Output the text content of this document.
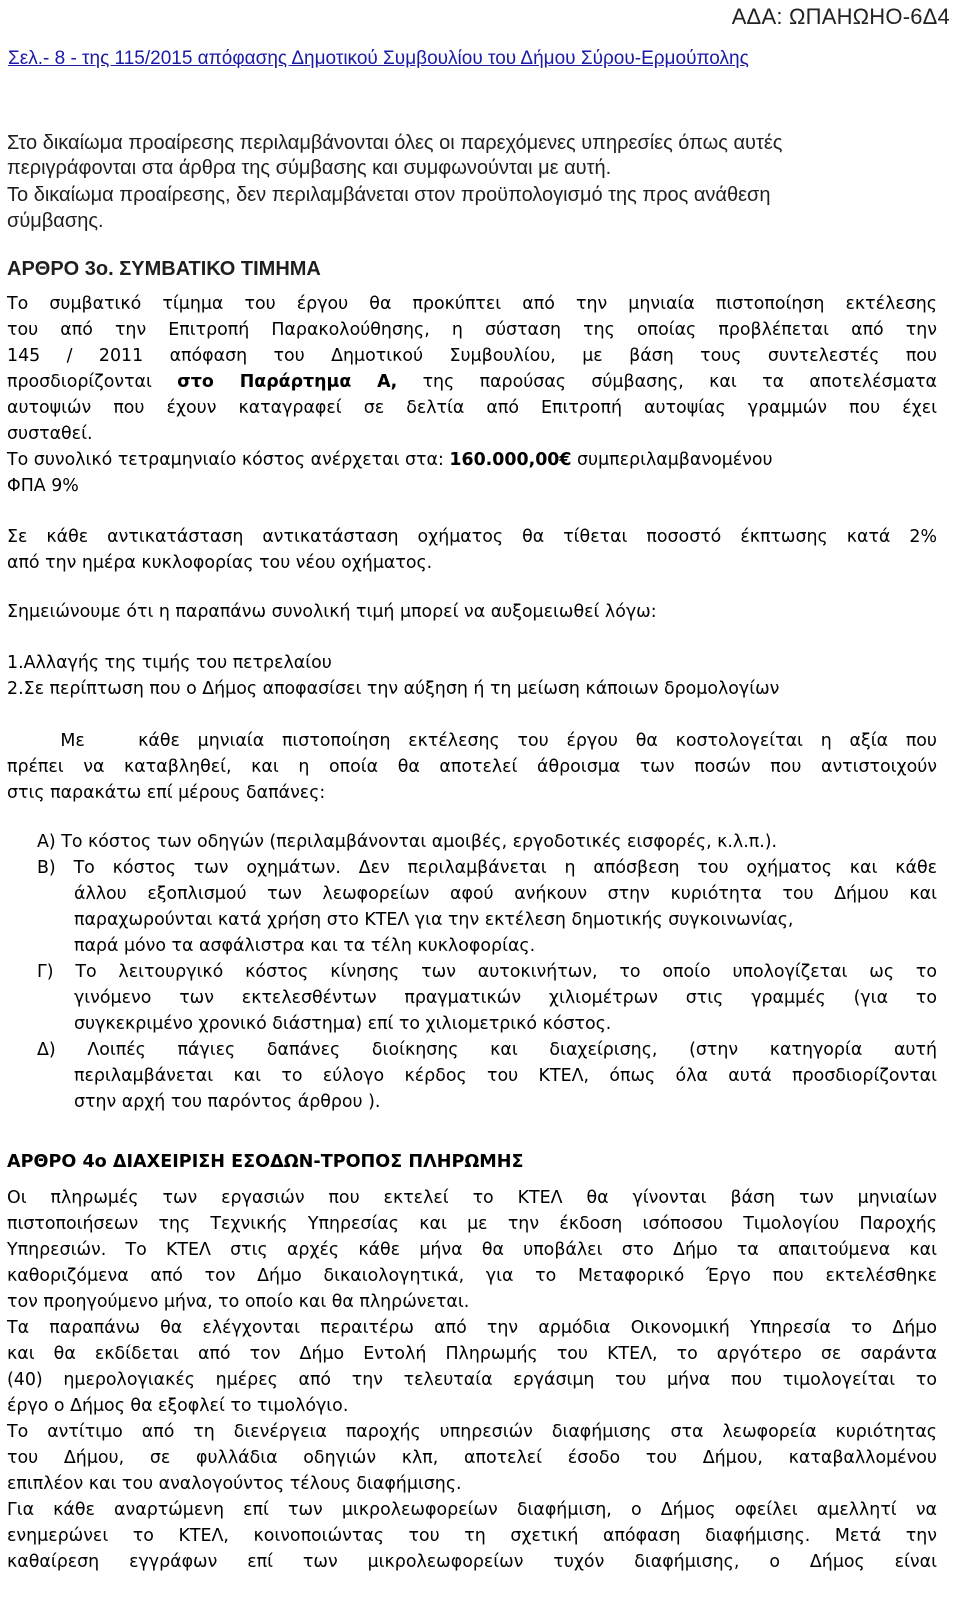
ΑΔΑ: ΩΠΑΗΩΗΟ-6Δ4
Σελ.- 8 - της 115/2015 απόφασης Δημοτικού Συμβουλίου του Δήμου Σύρου-Ερμούπολης
Στο δικαίωμα προαίρεσης περιλαμβάνονται όλες οι παρεχόμενες υπηρεσίες όπως αυτές
περιγράφονται στα άρθρα της σύμβασης και συμφωνούνται με αυτή.
Το δικαίωμα προαίρεσης, δεν περιλαμβάνεται στον προϋπολογισμό της προς ανάθεση
σύμβασης.
ΑΡΘΡΟ 3ο. ΣΥΜΒΑΤΙΚΟ ΤΙΜΗΜΑ
Το συμβατικό τίμημα του έργου θα προκύπτει από την μηνιαία πιστοποίηση εκτέλεσης
του από την Επιτροπή Παρακολούθησης, η σύσταση της οποίας προβλέπεται από την
145 / 2011 απόφαση του Δημοτικού Συμβουλίου, με βάση τους συντελεστές που
προσδιορίζονται στο Παράρτημα Α, της παρούσας σύμβασης, και τα αποτελέσματα
αυτοψιών που έχουν καταγραφεί σε δελτία από Επιτροπή αυτοψίας γραμμών που έχει
συσταθεί.
Το συνολικό τετραμηνιαίο κόστος ανέρχεται στα: 160.000,00€ συμπεριλαμβανομένου
ΦΠΑ 9%
Σε κάθε αντικατάσταση αντικατάσταση οχήματος θα τίθεται ποσοστό έκπτωσης κατά 2%
από την ημέρα κυκλοφορίας του νέου οχήματος.
Σημειώνουμε ότι η παραπάνω συνολική τιμή μπορεί να αυξομειωθεί λόγω:
1.Αλλαγής της τιμής του πετρελαίου
2.Σε περίπτωση που ο Δήμος αποφασίσει την αύξηση ή τη μείωση κάποιων δρομολογίων
Με   κάθε μηνιαία πιστοποίηση εκτέλεσης του έργου θα κοστολογείται η αξία που
πρέπει να καταβληθεί, και η οποία θα αποτελεί άθροισμα των ποσών που αντιστοιχούν
στις παρακάτω επί μέρους δαπάνες:
Α) Το κόστος των οδηγών (περιλαμβάνονται αμοιβές, εργοδοτικές εισφορές, κ.λ.π.).
Β) Το κόστος των οχημάτων. Δεν περιλαμβάνεται η απόσβεση του οχήματος και κάθε
άλλου εξοπλισμού των λεωφορείων αφού ανήκουν στην κυριότητα του Δήμου και
παραχωρούνται κατά χρήση στο ΚΤΕΛ για την εκτέλεση δημοτικής συγκοινωνίας,
παρά μόνο τα ασφάλιστρα και τα τέλη κυκλοφορίας.
Γ) Το λειτουργικό κόστος κίνησης των αυτοκινήτων, το οποίο υπολογίζεται ως το
γινόμενο των εκτελεσθέντων πραγματικών χιλιομέτρων στις γραμμές (για το
συγκεκριμένο χρονικό διάστημα) επί το χιλιομετρικό κόστος.
Δ) Λοιπές πάγιες δαπάνες διοίκησης και διαχείρισης, (στην κατηγορία αυτή
περιλαμβάνεται και το εύλογο κέρδος του ΚΤΕΛ, όπως όλα αυτά προσδιορίζονται
στην αρχή του παρόντος άρθρου ).
ΑΡΘΡΟ 4ο ΔΙΑΧΕΙΡΙΣΗ ΕΣΟΔΩΝ-ΤΡΟΠΟΣ ΠΛΗΡΩΜΗΣ
Οι πληρωμές των εργασιών που εκτελεί το ΚΤΕΛ θα γίνονται βάση των μηνιαίων
πιστοποιήσεων της Τεχνικής Υπηρεσίας και με την έκδοση ισόποσου Τιμολογίου Παροχής
Υπηρεσιών. Το ΚΤΕΛ στις αρχές κάθε μήνα θα υποβάλει στο Δήμο τα απαιτούμενα και
καθοριζόμενα από τον Δήμο δικαιολογητικά, για το Μεταφορικό Έργο που εκτελέσθηκε
τον προηγούμενο μήνα, το οποίο και θα πληρώνεται.
Τα παραπάνω θα ελέγχονται περαιτέρω από την αρμόδια Οικονομική Υπηρεσία το Δήμο
και θα εκδίδεται από τον Δήμο Εντολή Πληρωμής του ΚΤΕΛ, το αργότερο σε σαράντα
(40) ημερολογιακές ημέρες από την τελευταία εργάσιμη του μήνα που τιμολογείται το
έργο ο Δήμος θα εξοφλεί το τιμολόγιο.
Το αντίτιμο από τη διενέργεια παροχής υπηρεσιών διαφήμισης στα λεωφορεία κυριότητας
του Δήμου, σε φυλλάδια οδηγιών κλπ, αποτελεί έσοδο του Δήμου, καταβαλλομένου
επιπλέον και του αναλογούντος τέλους διαφήμισης.
Για κάθε αναρτώμενη επί των μικρολεωφορείων διαφήμιση, ο Δήμος οφείλει αμελλητί να
ενημερώνει το ΚΤΕΛ, κοινοποιώντας του τη σχετική απόφαση διαφήμισης. Μετά την
καθαίρεση εγγράφων επί των μικρολεωφορείων τυχόν διαφήμισης, ο Δήμος είναι
